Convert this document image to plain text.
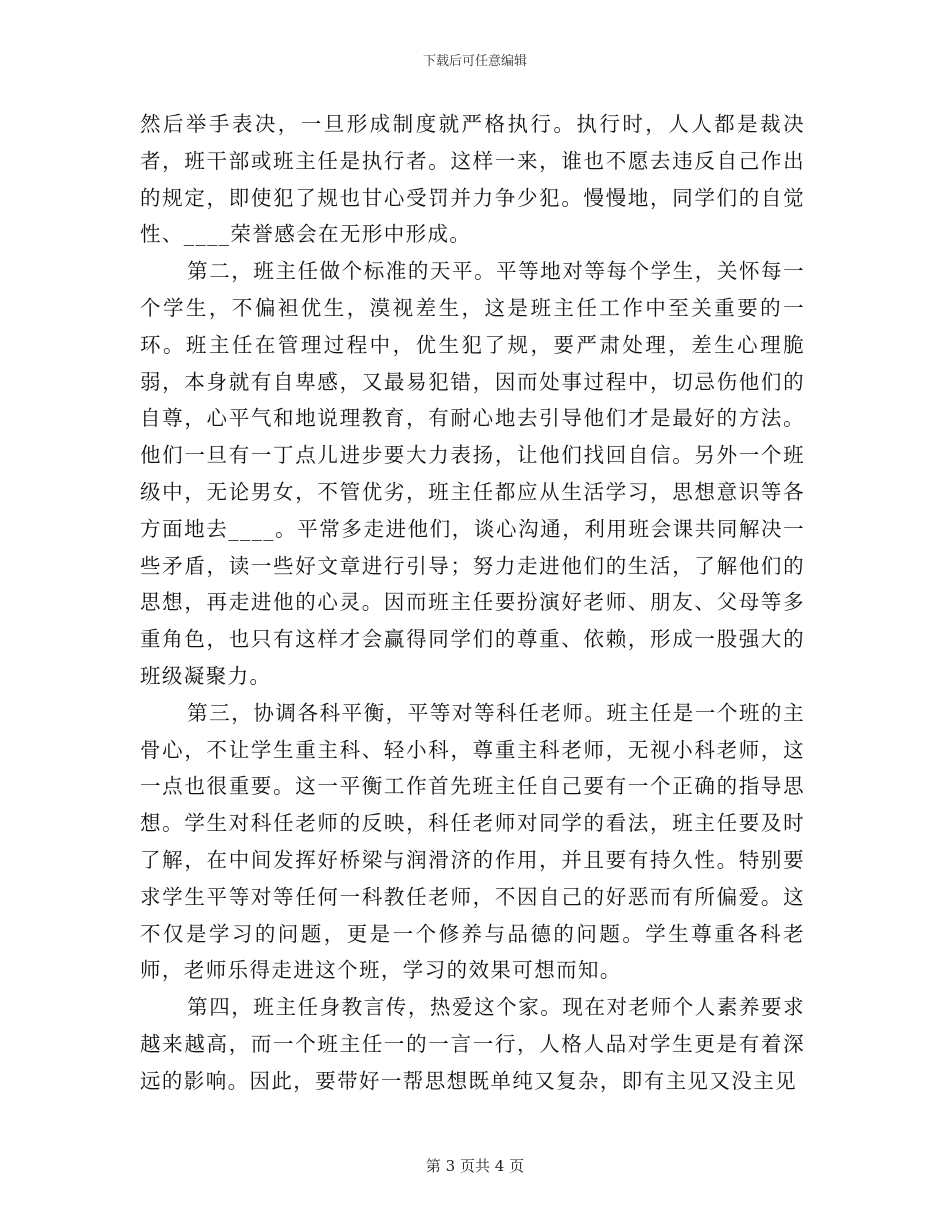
下载后可任意编辑

然后举手表决，一旦形成制度就严格执行。执行时，人人都是裁决者，班干部或班主任是执行者。这样一来，谁也不愿去违反自己作出的规定，即使犯了规也甘心受罚并力争少犯。慢慢地，同学们的自觉性、____荣誉感会在无形中形成。

第二，班主任做个标准的天平。平等地对等每个学生，关怀每一个学生，不偏袒优生，漠视差生，这是班主任工作中至关重要的一环。班主任在管理过程中，优生犯了规，要严肃处理，差生心理脆弱，本身就有自卑感，又最易犯错，因而处事过程中，切忌伤他们的自尊，心平气和地说理教育，有耐心地去引导他们才是最好的方法。他们一旦有一丁点儿进步要大力表扬，让他们找回自信。另外一个班级中，无论男女，不管优劣，班主任都应从生活学习，思想意识等各方面地去____。平常多走进他们，谈心沟通，利用班会课共同解决一些矛盾，读一些好文章进行引导；努力走进他们的生活，了解他们的思想，再走进他的心灵。因而班主任要扮演好老师、朋友、父母等多重角色，也只有这样才会赢得同学们的尊重、依赖，形成一股强大的班级凝聚力。

第三，协调各科平衡，平等对等科任老师。班主任是一个班的主骨心，不让学生重主科、轻小科，尊重主科老师，无视小科老师，这一点也很重要。这一平衡工作首先班主任自己要有一个正确的指导思想。学生对科任老师的反映，科任老师对同学的看法，班主任要及时了解，在中间发挥好桥梁与润滑济的作用，并且要有持久性。特别要求学生平等对等任何一科教任老师，不因自己的好恶而有所偏爱。这不仅是学习的问题，更是一个修养与品德的问题。学生尊重各科老师，老师乐得走进这个班，学习的效果可想而知。

第四，班主任身教言传，热爱这个家。现在对老师个人素养要求越来越高，而一个班主任一的一言一行，人格人品对学生更是有着深远的影响。因此，要带好一帮思想既单纯又复杂，即有主见又没主见

第 3 页共 4 页
